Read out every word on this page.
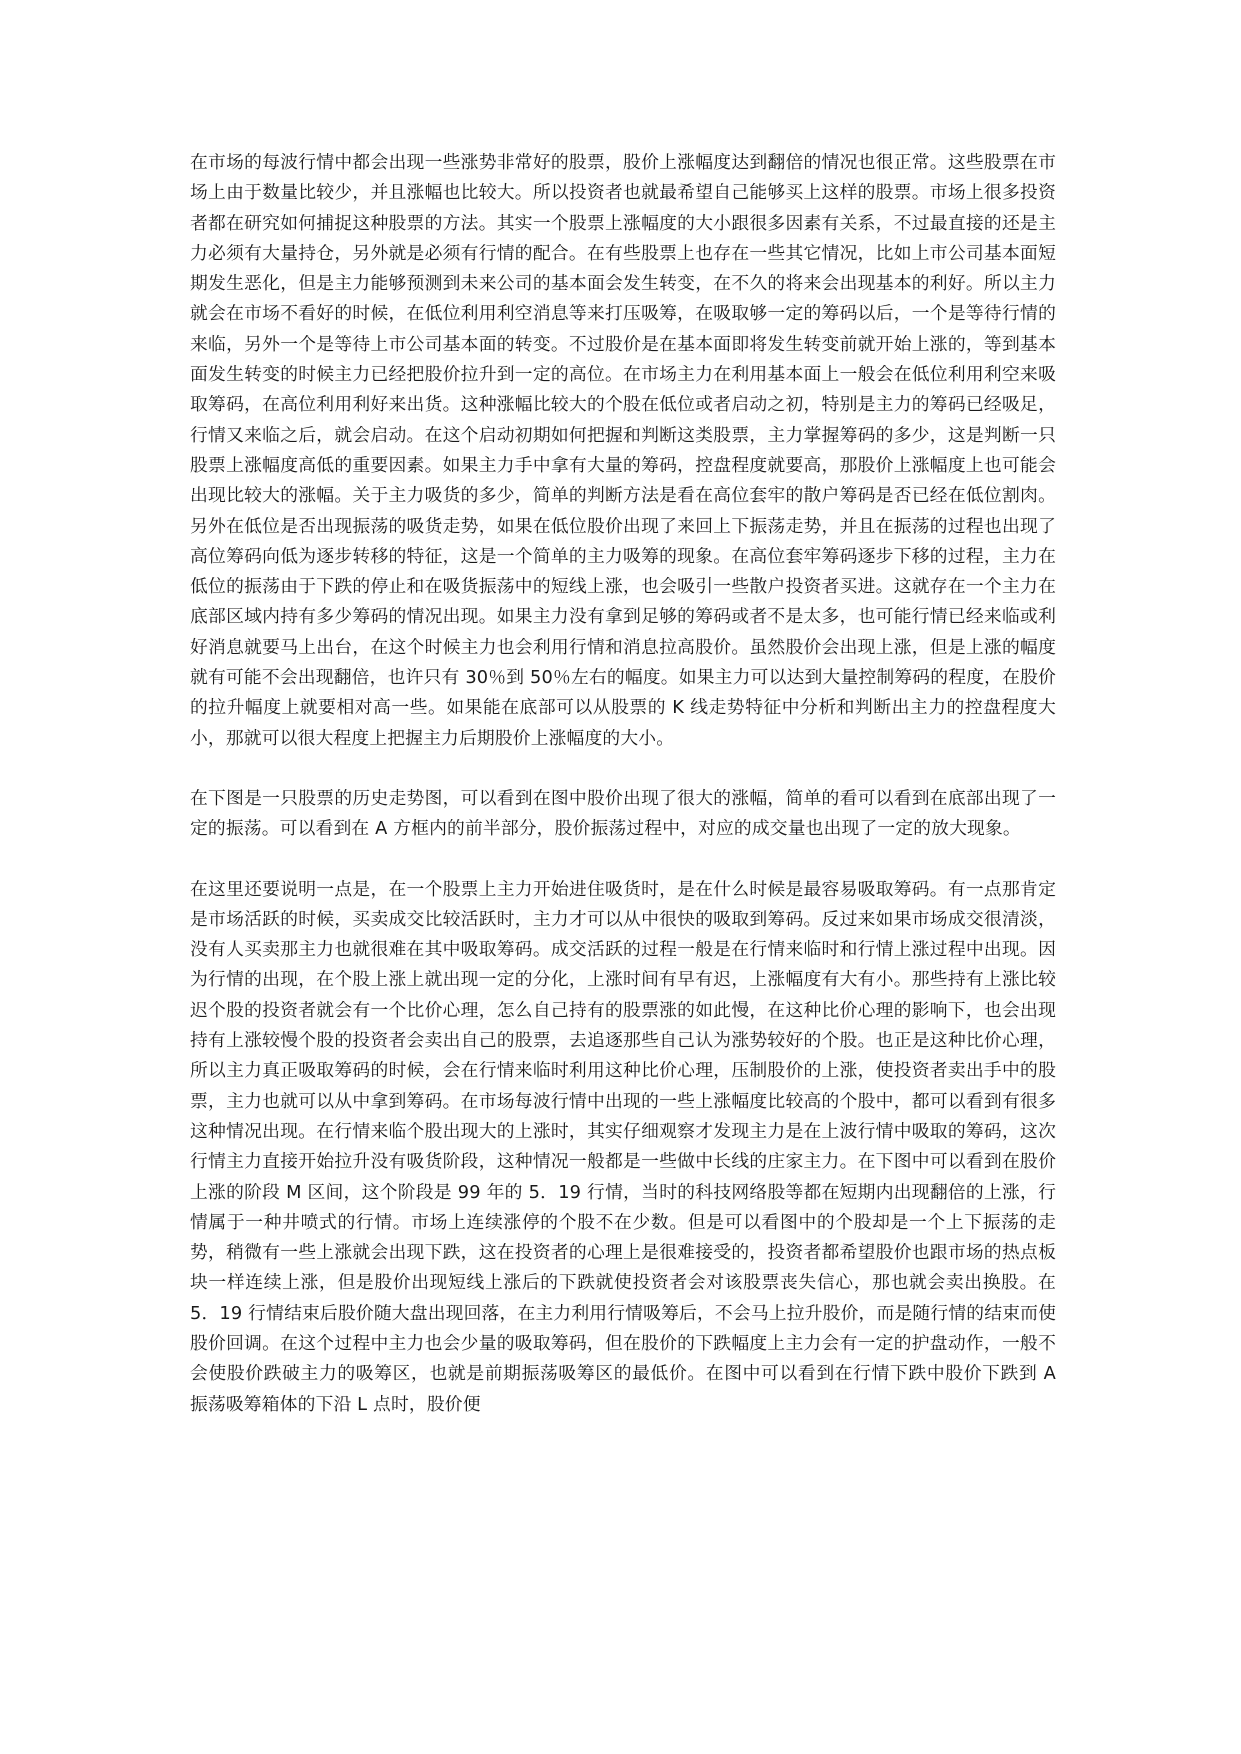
在市场的每波行情中都会出现一些涨势非常好的股票，股价上涨幅度达到翻倍的情况也很正常。这些股票在市场上由于数量比较少，并且涨幅也比较大。所以投资者也就最希望自己能够买上这样的股票。市场上很多投资者都在研究如何捕捉这种股票的方法。其实一个股票上涨幅度的大小跟很多因素有关系，不过最直接的还是主力必须有大量持仓，另外就是必须有行情的配合。在有些股票上也存在一些其它情况，比如上市公司基本面短期发生恶化，但是主力能够预测到未来公司的基本面会发生转变，在不久的将来会出现基本的利好。所以主力就会在市场不看好的时候，在低位利用利空消息等来打压吸筹，在吸取够一定的筹码以后，一个是等待行情的来临，另外一个是等待上市公司基本面的转变。不过股价是在基本面即将发生转变前就开始上涨的，等到基本面发生转变的时候主力已经把股价拉升到一定的高位。在市场主力在利用基本面上一般会在低位利用利空来吸取筹码，在高位利用利好来出货。这种涨幅比较大的个股在低位或者启动之初，特别是主力的筹码已经吸足，行情又来临之后，就会启动。在这个启动初期如何把握和判断这类股票，主力掌握筹码的多少，这是判断一只股票上涨幅度高低的重要因素。如果主力手中拿有大量的筹码，控盘程度就要高，那股价上涨幅度上也可能会出现比较大的涨幅。关于主力吸货的多少，简单的判断方法是看在高位套牢的散户筹码是否已经在低位割肉。另外在低位是否出现振荡的吸货走势，如果在低位股价出现了来回上下振荡走势，并且在振荡的过程也出现了高位筹码向低为逐步转移的特征，这是一个简单的主力吸筹的现象。在高位套牢筹码逐步下移的过程，主力在低位的振荡由于下跌的停止和在吸货振荡中的短线上涨，也会吸引一些散户投资者买进。这就存在一个主力在底部区域内持有多少筹码的情况出现。如果主力没有拿到足够的筹码或者不是太多，也可能行情已经来临或利好消息就要马上出台，在这个时候主力也会利用行情和消息拉高股价。虽然股价会出现上涨，但是上涨的幅度就有可能不会出现翻倍，也许只有 30％到 50％左右的幅度。如果主力可以达到大量控制筹码的程度，在股价的拉升幅度上就要相对高一些。如果能在底部可以从股票的 K 线走势特征中分析和判断出主力的控盘程度大小，那就可以很大程度上把握主力后期股价上涨幅度的大小。

在下图是一只股票的历史走势图，可以看到在图中股价出现了很大的涨幅，简单的看可以看到在底部出现了一定的振荡。可以看到在 A 方框内的前半部分，股价振荡过程中，对应的成交量也出现了一定的放大现象。

在这里还要说明一点是，在一个股票上主力开始进住吸货时，是在什么时候是最容易吸取筹码。有一点那肯定是市场活跃的时候，买卖成交比较活跃时，主力才可以从中很快的吸取到筹码。反过来如果市场成交很清淡，没有人买卖那主力也就很难在其中吸取筹码。成交活跃的过程一般是在行情来临时和行情上涨过程中出现。因为行情的出现，在个股上涨上就出现一定的分化，上涨时间有早有迟，上涨幅度有大有小。那些持有上涨比较迟个股的投资者就会有一个比价心理，怎么自己持有的股票涨的如此慢，在这种比价心理的影响下，也会出现持有上涨较慢个股的投资者会卖出自己的股票，去追逐那些自己认为涨势较好的个股。也正是这种比价心理，所以主力真正吸取筹码的时候，会在行情来临时利用这种比价心理，压制股价的上涨，使投资者卖出手中的股票，主力也就可以从中拿到筹码。在市场每波行情中出现的一些上涨幅度比较高的个股中，都可以看到有很多这种情况出现。在行情来临个股出现大的上涨时，其实仔细观察才发现主力是在上波行情中吸取的筹码，这次行情主力直接开始拉升没有吸货阶段，这种情况一般都是一些做中长线的庄家主力。在下图中可以看到在股价上涨的阶段 M 区间，这个阶段是 99 年的 5．19 行情，当时的科技网络股等都在短期内出现翻倍的上涨，行情属于一种井喷式的行情。市场上连续涨停的个股不在少数。但是可以看图中的个股却是一个上下振荡的走势，稍微有一些上涨就会出现下跌，这在投资者的心理上是很难接受的，投资者都希望股价也跟市场的热点板块一样连续上涨，但是股价出现短线上涨后的下跌就使投资者会对该股票丧失信心，那也就会卖出换股。在 5．19 行情结束后股价随大盘出现回落，在主力利用行情吸筹后，不会马上拉升股价，而是随行情的结束而使股价回调。在这个过程中主力也会少量的吸取筹码，但在股价的下跌幅度上主力会有一定的护盘动作，一般不会使股价跌破主力的吸筹区，也就是前期振荡吸筹区的最低价。在图中可以看到在行情下跌中股价下跌到 A 振荡吸筹箱体的下沿 L 点时，股价便
